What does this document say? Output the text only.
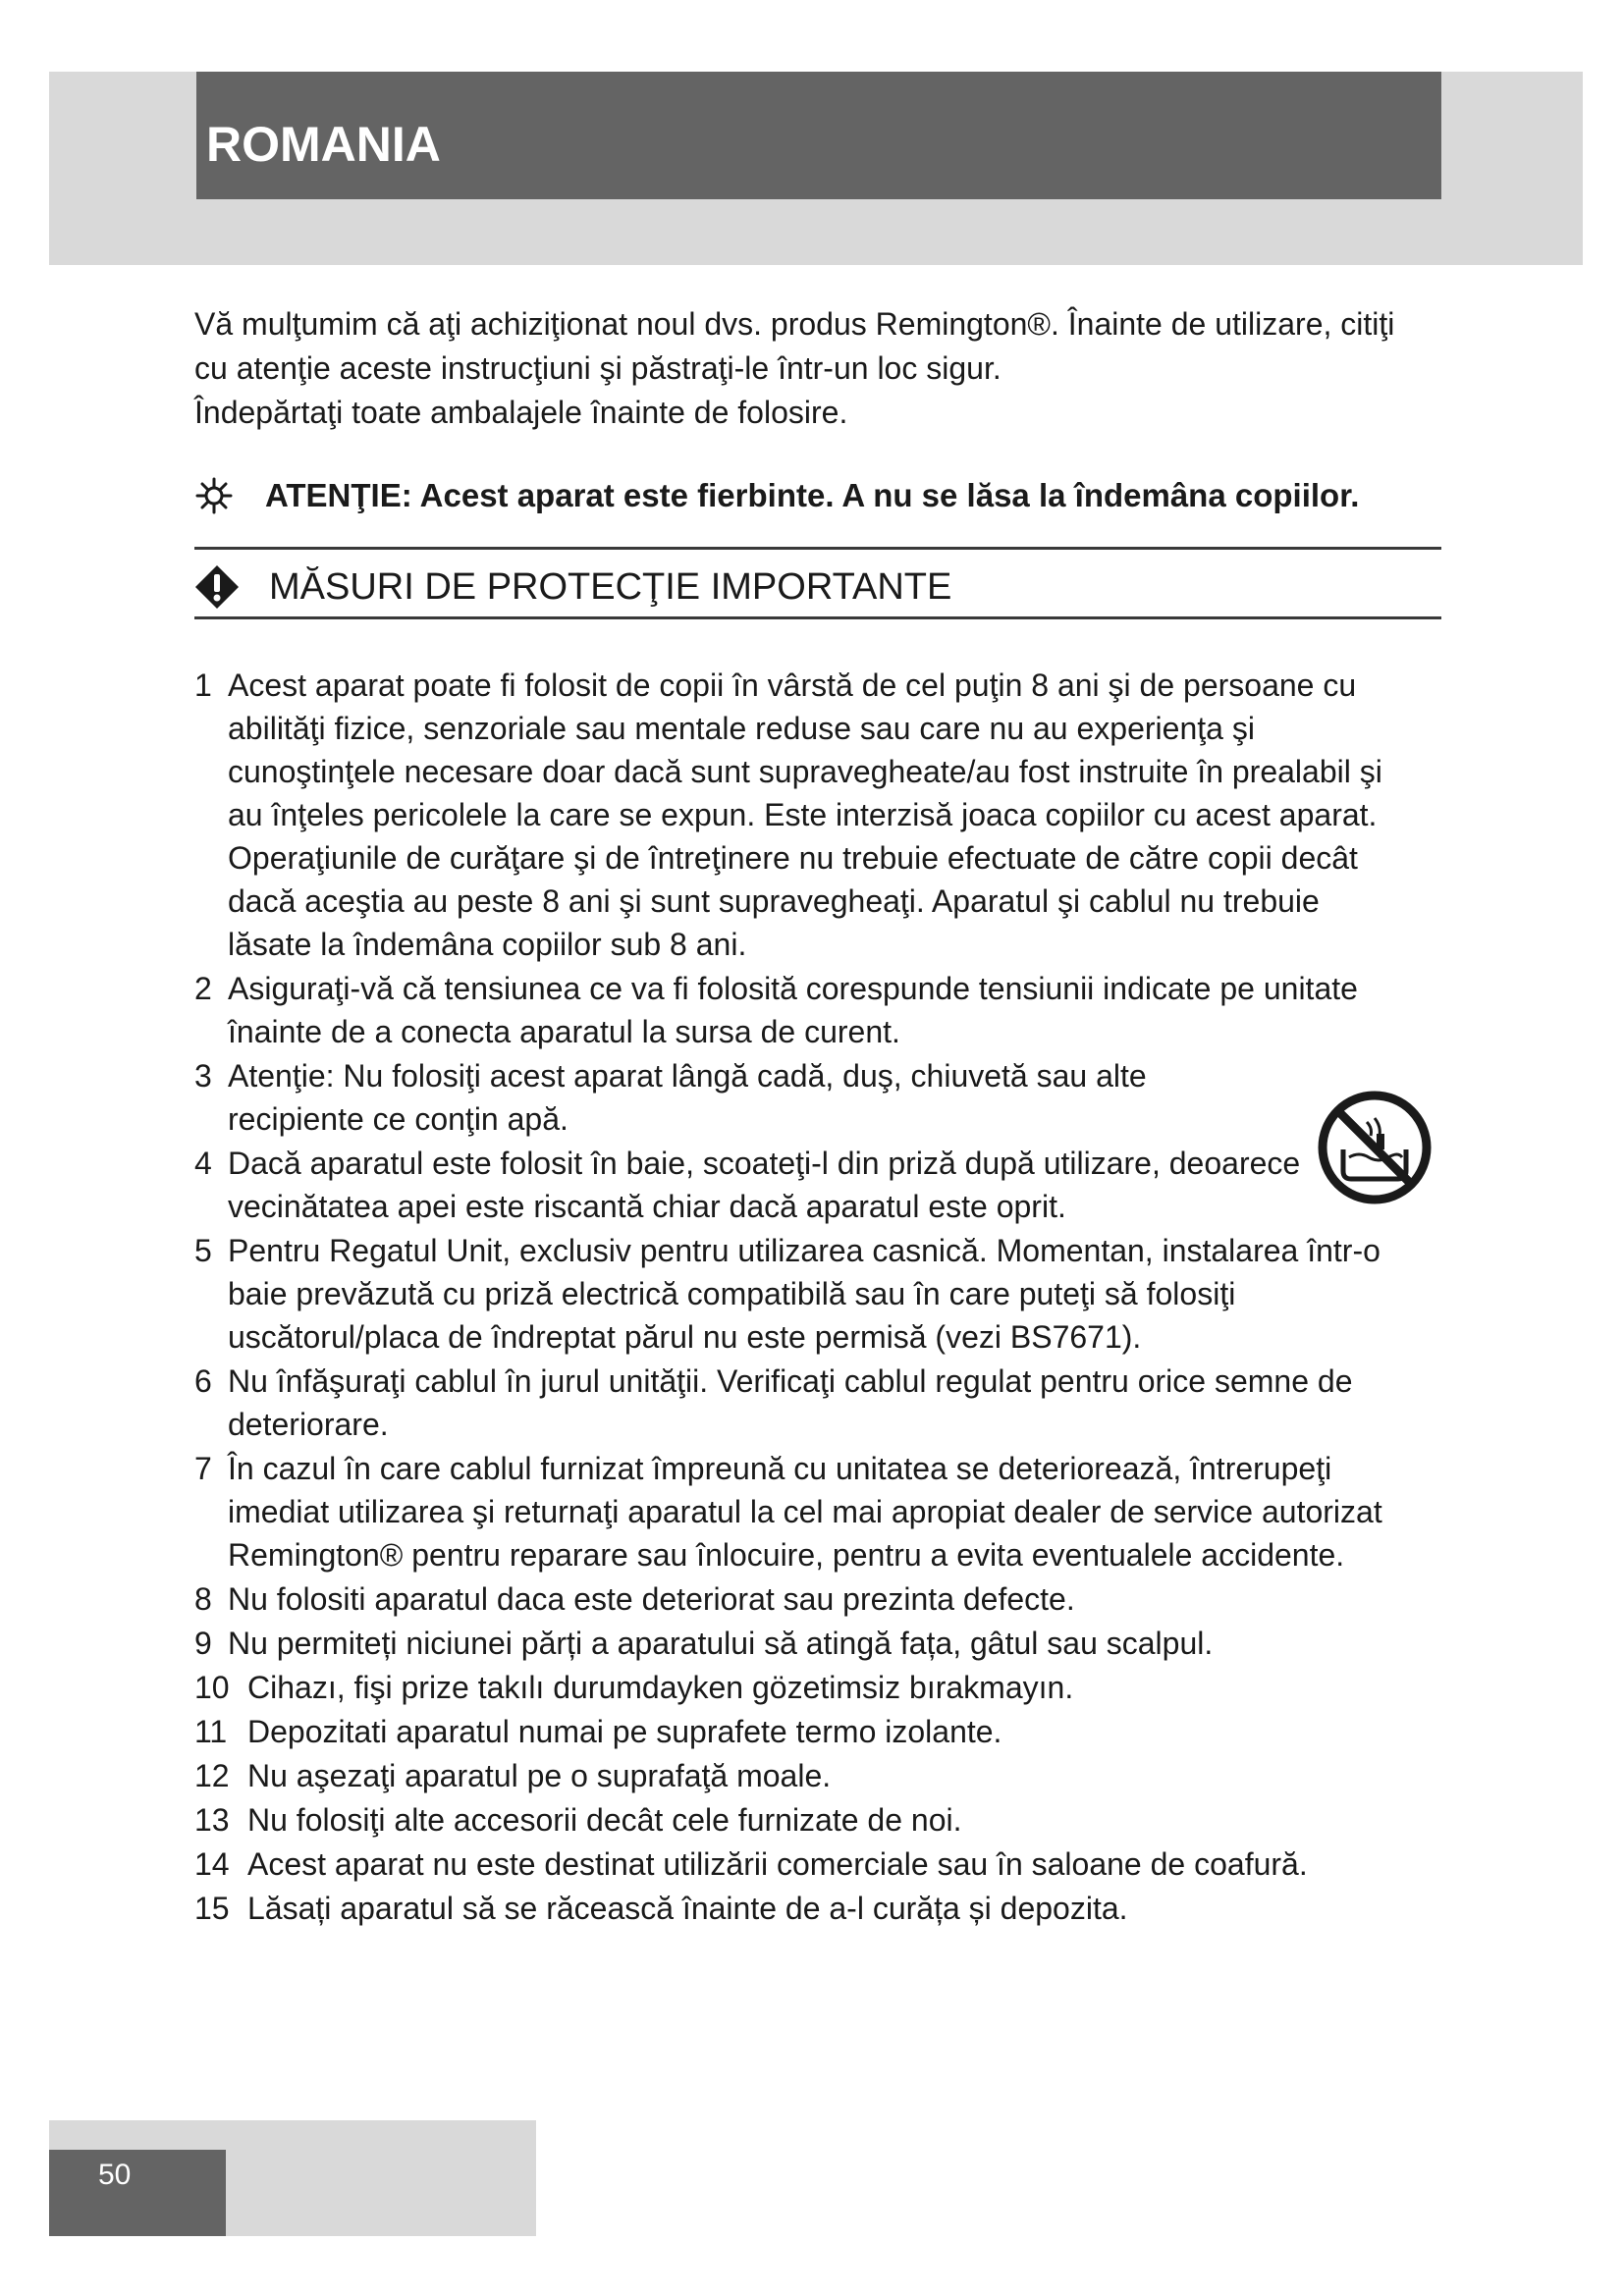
ROMANIA

Vă mulţumim că aţi achiziţionat noul dvs. produs Remington®. Înainte de utilizare, citiţi cu atenţie aceste instrucţiuni şi păstraţi-le într-un loc sigur.

Îndepărtaţi toate ambalajele înainte de folosire.

ATENŢIE: Acest aparat este fierbinte. A nu se lăsa la îndemâna copiilor.
MĂSURI DE PROTECŢIE IMPORTANTE
1 Acest aparat poate fi folosit de copii în vârstă de cel puţin 8 ani şi de persoane cu abilităţi fizice, senzoriale sau mentale reduse sau care nu au experienţa şi cunoştinţele necesare doar dacă sunt supravegheate/au fost instruite în prealabil şi au înţeles pericolele la care se expun. Este interzisă joaca copiilor cu acest aparat. Operaţiunile de curăţare şi de întreţinere nu trebuie efectuate de către copii decât dacă aceştia au peste 8 ani şi sunt supravegheaţi. Aparatul şi cablul nu trebuie lăsate la îndemâna copiilor sub 8 ani.
2 Asiguraţi-vă că tensiunea ce va fi folosită corespunde tensiunii indicate pe unitate înainte de a conecta aparatul la sursa de curent.
3 Atenţie: Nu folosiţi acest aparat lângă cadă, duş, chiuvetă sau alte recipiente ce conţin apă.
4 Dacă aparatul este folosit în baie, scoateţi-l din priză după utilizare, deoarece vecinătatea apei este riscantă chiar dacă aparatul este oprit.
5 Pentru Regatul Unit, exclusiv pentru utilizarea casnică. Momentan, instalarea într-o baie prevăzută cu priză electrică compatibilă sau în care puteţi să folosiţi uscătorul/placa de îndreptat părul nu este permisă (vezi BS7671).
6 Nu înfăşuraţi cablul în jurul unităţii. Verificaţi cablul regulat pentru orice semne de deteriorare.
7 În cazul în care cablul furnizat împreună cu unitatea se deteriorează, întrerupeţi imediat utilizarea şi returnaţi aparatul la cel mai apropiat dealer de service autorizat Remington® pentru reparare sau înlocuire, pentru a evita eventualele accidente.
8 Nu folositi aparatul daca este deteriorat sau prezinta defecte.
9 Nu permiteți niciunei părți a aparatului să atingă fața, gâtul sau scalpul.
10 Cihazı, fişi prize takılı durumdayken gözetimsiz bırakmayın.
11 Depozitati aparatul numai pe suprafete termo izolante.
12 Nu aşezaţi aparatul pe o suprafaţă moale.
13 Nu folosiţi alte accesorii decât cele furnizate de noi.
14 Acest aparat nu este destinat utilizării comerciale sau în saloane de coafură.
15 Lăsați aparatul să se răcească înainte de a-l curăța și depozita.
50
